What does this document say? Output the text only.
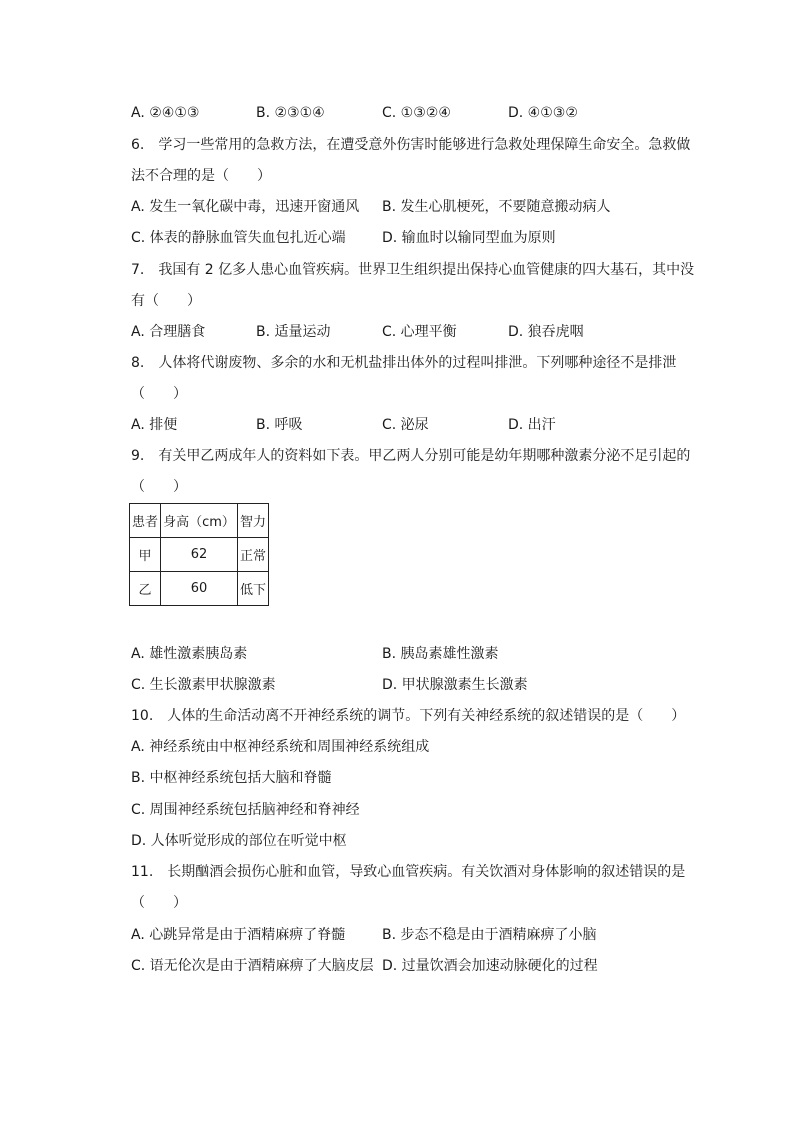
A. ②④①③	B. ②③①④	C. ①③②④	D. ④①③②
6.　学习一些常用的急救方法，在遭受意外伤害时能够进行急救处理保障生命安全。急救做
法不合理的是（　　）
A. 发生一氧化碳中毒，迅速开窗通风 B. 发生心肌梗死，不要随意搬动病人
C. 体表的静脉血管失血包扎近心端	D. 输血时以输同型血为原则
7.　我国有 2 亿多人患心血管疾病。世界卫生组织提出保持心血管健康的四大基石，其中没
有（　　）
A. 合理膳食	B. 适量运动	C. 心理平衡	D. 狼吞虎咽
8.　人体将代谢废物、多余的水和无机盐排出体外的过程叫排泄。下列哪种途径不是排泄
（　　）
A. 排便	B. 呼吸	C. 泌尿	D. 出汗
9.　有关甲乙两成年人的资料如下表。甲乙两人分别可能是幼年期哪种激素分泌不足引起的
（　　）
患者	身高（cm）	智力
甲	62	正常
乙	60	低下
A. 雄性激素胰岛素	B. 胰岛素雄性激素
C. 生长激素甲状腺激素	D. 甲状腺激素生长激素
10.　人体的生命活动离不开神经系统的调节。下列有关神经系统的叙述错误的是（　　）
A. 神经系统由中枢神经系统和周围神经系统组成
B. 中枢神经系统包括大脑和脊髓
C. 周围神经系统包括脑神经和脊神经
D. 人体听觉形成的部位在听觉中枢
11.　长期酗酒会损伤心脏和血管，导致心血管疾病。有关饮酒对身体影响的叙述错误的是
（　　）
A. 心跳异常是由于酒精麻痹了脊髓	B. 步态不稳是由于酒精麻痹了小脑
C. 语无伦次是由于酒精麻痹了大脑皮层 D. 过量饮酒会加速动脉硬化的过程
